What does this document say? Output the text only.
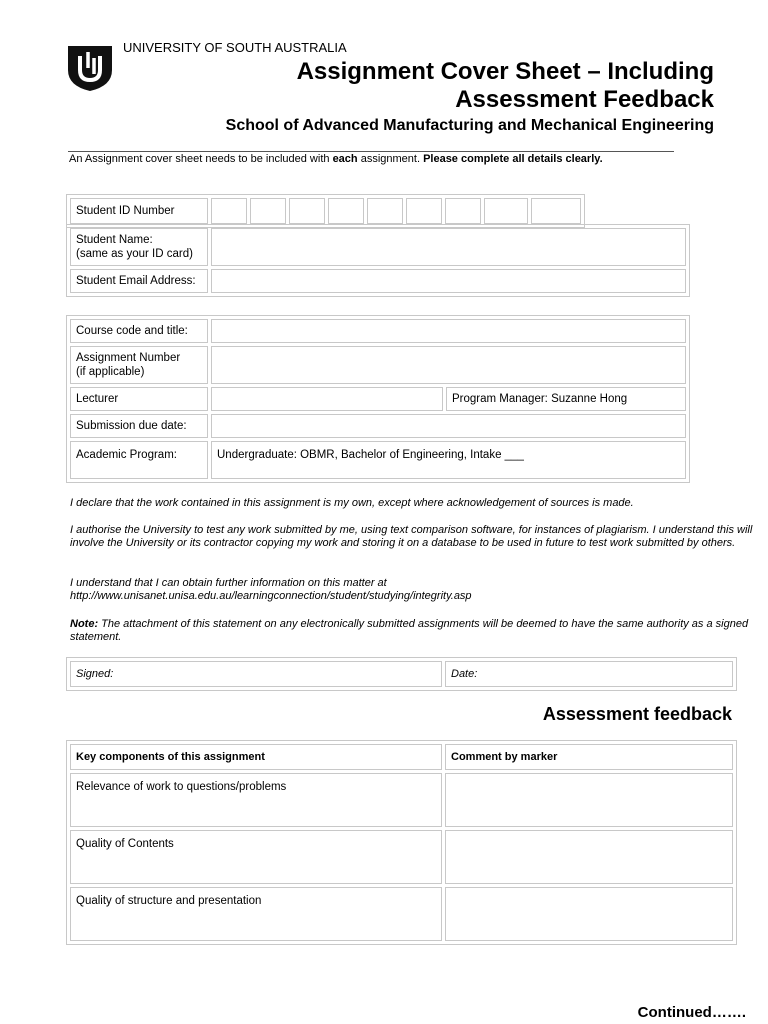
UNIVERSITY OF SOUTH AUSTRALIA
Assignment Cover Sheet – Including
Assessment Feedback
School of Advanced Manufacturing and Mechanical Engineering
An Assignment cover sheet needs to be included with each assignment. Please complete all details clearly.
Student ID Number									
Student Name:
(same as your ID card)	

Student Email Address:	
Course code and title:		

Assignment Number
(if applicable)		

Lecturer		Program Manager: Suzanne Hong
Submission due date:		
Academic Program:	Undergraduate: OBMR, Bachelor of Engineering, Intake ___	
I declare that the work contained in this assignment is my own, except where acknowledgement of sources is made.
I authorise the University to test any work submitted by me, using text comparison software, for instances of plagiarism. I understand this will involve the University or its contractor copying my work and storing it on a database to be used in future to test work submitted by others.
I understand that I can obtain further information on this matter at
http://www.unisanet.unisa.edu.au/learningconnection/student/studying/integrity.asp
Note: The attachment of this statement on any electronically submitted assignments will be deemed to have the same authority as a signed statement.
Signed:	Date:
Assessment feedback
Key components of this assignment	Comment by marker
Relevance of work to questions/problems	
Quality of Contents	
Quality of structure and presentation	
Continued…….
